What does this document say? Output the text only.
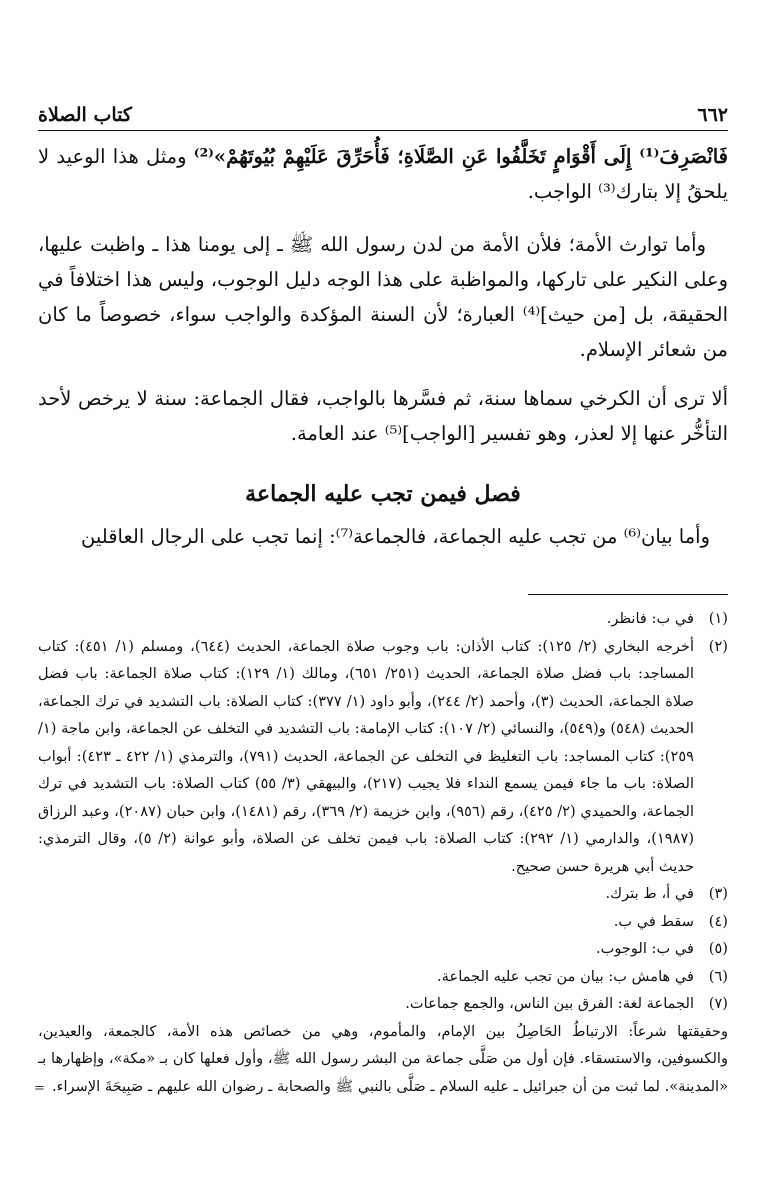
٦٦٢
كتاب الصلاة

فَانْصَرِفَ⁽¹⁾ إِلَى أَقْوَامٍ تَخَلَّفُوا عَنِ الصَّلَاةِ؛ فَأُحَرِّقَ عَلَيْهِمْ بُيُوتَهُمْ»⁽²⁾ ومثل هذا الوعيد لا يلحقُ إلا بتارك⁽³⁾ الواجب.

وأما توارث الأمة؛ فلأن الأمة من لدن رسول الله ﷺ ـ إلى يومنا هذا ـ واظبت عليها، وعلى النكير على تاركها، والمواظبة على هذا الوجه دليل الوجوب، وليس هذا اختلافاً في الحقيقة، بل [من حيث]⁽⁴⁾ العبارة؛ لأن السنة المؤكدة والواجب سواء، خصوصاً ما كان من شعائر الإسلام.

ألا ترى أن الكرخي سماها سنة، ثم فسَّرها بالواجب، فقال الجماعة: سنة لا يرخص لأحد التأخُّر عنها إلا لعذر، وهو تفسير [الواجب]⁽⁵⁾ عند العامة.

فصل فيمن تجب عليه الجماعة

وأما بيان⁽⁶⁾ من تجب عليه الجماعة، فالجماعة⁽⁷⁾: إنما تجب على الرجال العاقلين

(١)
في ب: فانظر.
(٢)
أخرجه البخاري (٢/ ١٢٥): كتاب الأذان: باب وجوب صلاة الجماعة، الحديث (٦٤٤)، ومسلم (١/ ٤٥١): كتاب المساجد: باب فضل صلاة الجماعة، الحديث (٢٥١/ ٦٥١)، ومالك (١/ ١٢٩): كتاب صلاة الجماعة: باب فضل صلاة الجماعة، الحديث (٣)، وأحمد (٢/ ٢٤٤)، وأبو داود (١/ ٣٧٧): كتاب الصلاة: باب التشديد في ترك الجماعة، الحديث (٥٤٨) و(٥٤٩)، والنسائي (٢/ ١٠٧): كتاب الإمامة: باب التشديد في التخلف عن الجماعة، وابن ماجة (١/ ٢٥٩): كتاب المساجد: باب التغليظ في التخلف عن الجماعة، الحديث (٧٩١)، والترمذي (١/ ٤٢٢ ـ ٤٢٣): أبواب الصلاة: باب ما جاء فيمن يسمع النداء فلا يجيب (٢١٧)، والبيهقي (٣/ ٥٥) كتاب الصلاة: باب التشديد في ترك الجماعة، والحميدي (٢/ ٤٢٥)، رقم (٩٥٦)، وابن خزيمة (٢/ ٣٦٩)، رقم (١٤٨١)، وابن حبان (٢٠٨٧)، وعبد الرزاق (١٩٨٧)، والدارمي (١/ ٢٩٢): كتاب الصلاة: باب فيمن تخلف عن الصلاة، وأبو عوانة (٢/ ٥)، وقال الترمذي: حديث أبي هريرة حسن صحيح.
(٣)
في أ، ط بترك.
(٤)
سقط في ب.
(٥)
في ب: الوجوب.
(٦)
في هامش ب: بيان من تجب عليه الجماعة.
(٧)
الجماعة لغة: الفرق بين الناس، والجمع جماعات.
وحقيقتها شرعاً: الارتباطُ الحَاصِلُ بين الإمام، والمأموم، وهي من خصائص هذه الأمة، كالجمعة، والعيدين، والكسوفين، والاستسقاء. فإن أول من صَلَّى جماعة من البشر رسول الله ﷺ، وأول فعلها كان بـ «مكة»، وإظهارها بـ «المدينة». لما ثبت من أن جبرائيل ـ عليه السلام ـ صَلَّى بالنبي ﷺ والصحابة ـ رضوان الله عليهم ـ صَبِيحَةَ الإسراء.
=
